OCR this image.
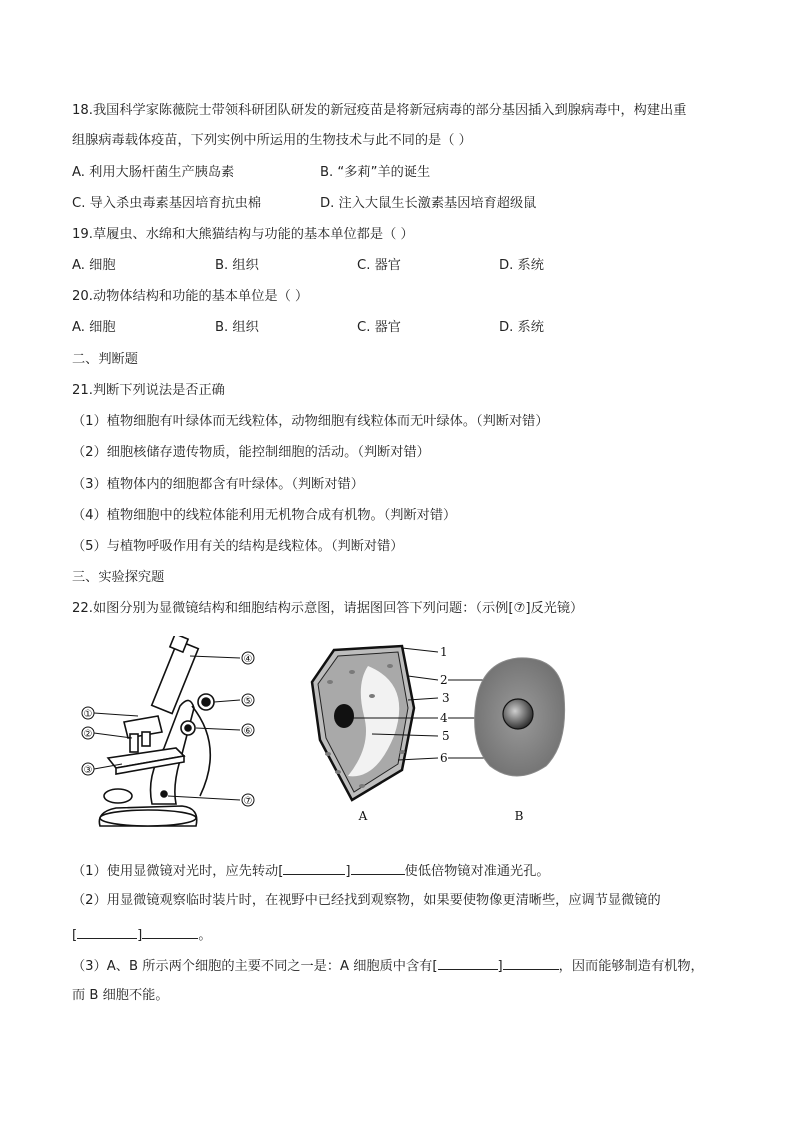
18.我国科学家陈薇院士带领科研团队研发的新冠疫苗是将新冠病毒的部分基因插入到腺病毒中，构建出重
组腺病毒载体疫苗，下列实例中所运用的生物技术与此不同的是（ ）
A. 利用大肠杆菌生产胰岛素	B. “多莉”羊的诞生
C. 导入杀虫毒素基因培育抗虫棉	D. 注入大鼠生长激素基因培育超级鼠
19.草履虫、水绵和大熊猫结构与功能的基本单位都是（ ）
A. 细胞	B. 组织	C. 器官	D. 系统
20.动物体结构和功能的基本单位是（ ）
A. 细胞	B. 组织	C. 器官	D. 系统
二、判断题
21.判断下列说法是否正确
（1）植物细胞有叶绿体而无线粒体，动物细胞有线粒体而无叶绿体。（判断对错）
（2）细胞核储存遗传物质，能控制细胞的活动。（判断对错）
（3）植物体内的细胞都含有叶绿体。（判断对错）
（4）植物细胞中的线粒体能利用无机物合成有机物。（判断对错）
（5）与植物呼吸作用有关的结构是线粒体。（判断对错）
三、实验探究题
22.如图分别为显微镜结构和细胞结构示意图，请据图回答下列问题：（示例[⑦]反光镜）
①
②
③
④
⑤
⑥
⑦
A
1
2
3
4
5
6
B
（1）使用显微镜对光时，应先转动[	]	使低倍物镜对准通光孔。
（2）用显微镜观察临时装片时，在视野中已经找到观察物，如果要使物像更清晰些，应调节显微镜的
[	]	。
（3）A、B 所示两个细胞的主要不同之一是：A 细胞质中含有[	]	，因而能够制造有机物，
而 B 细胞不能。
